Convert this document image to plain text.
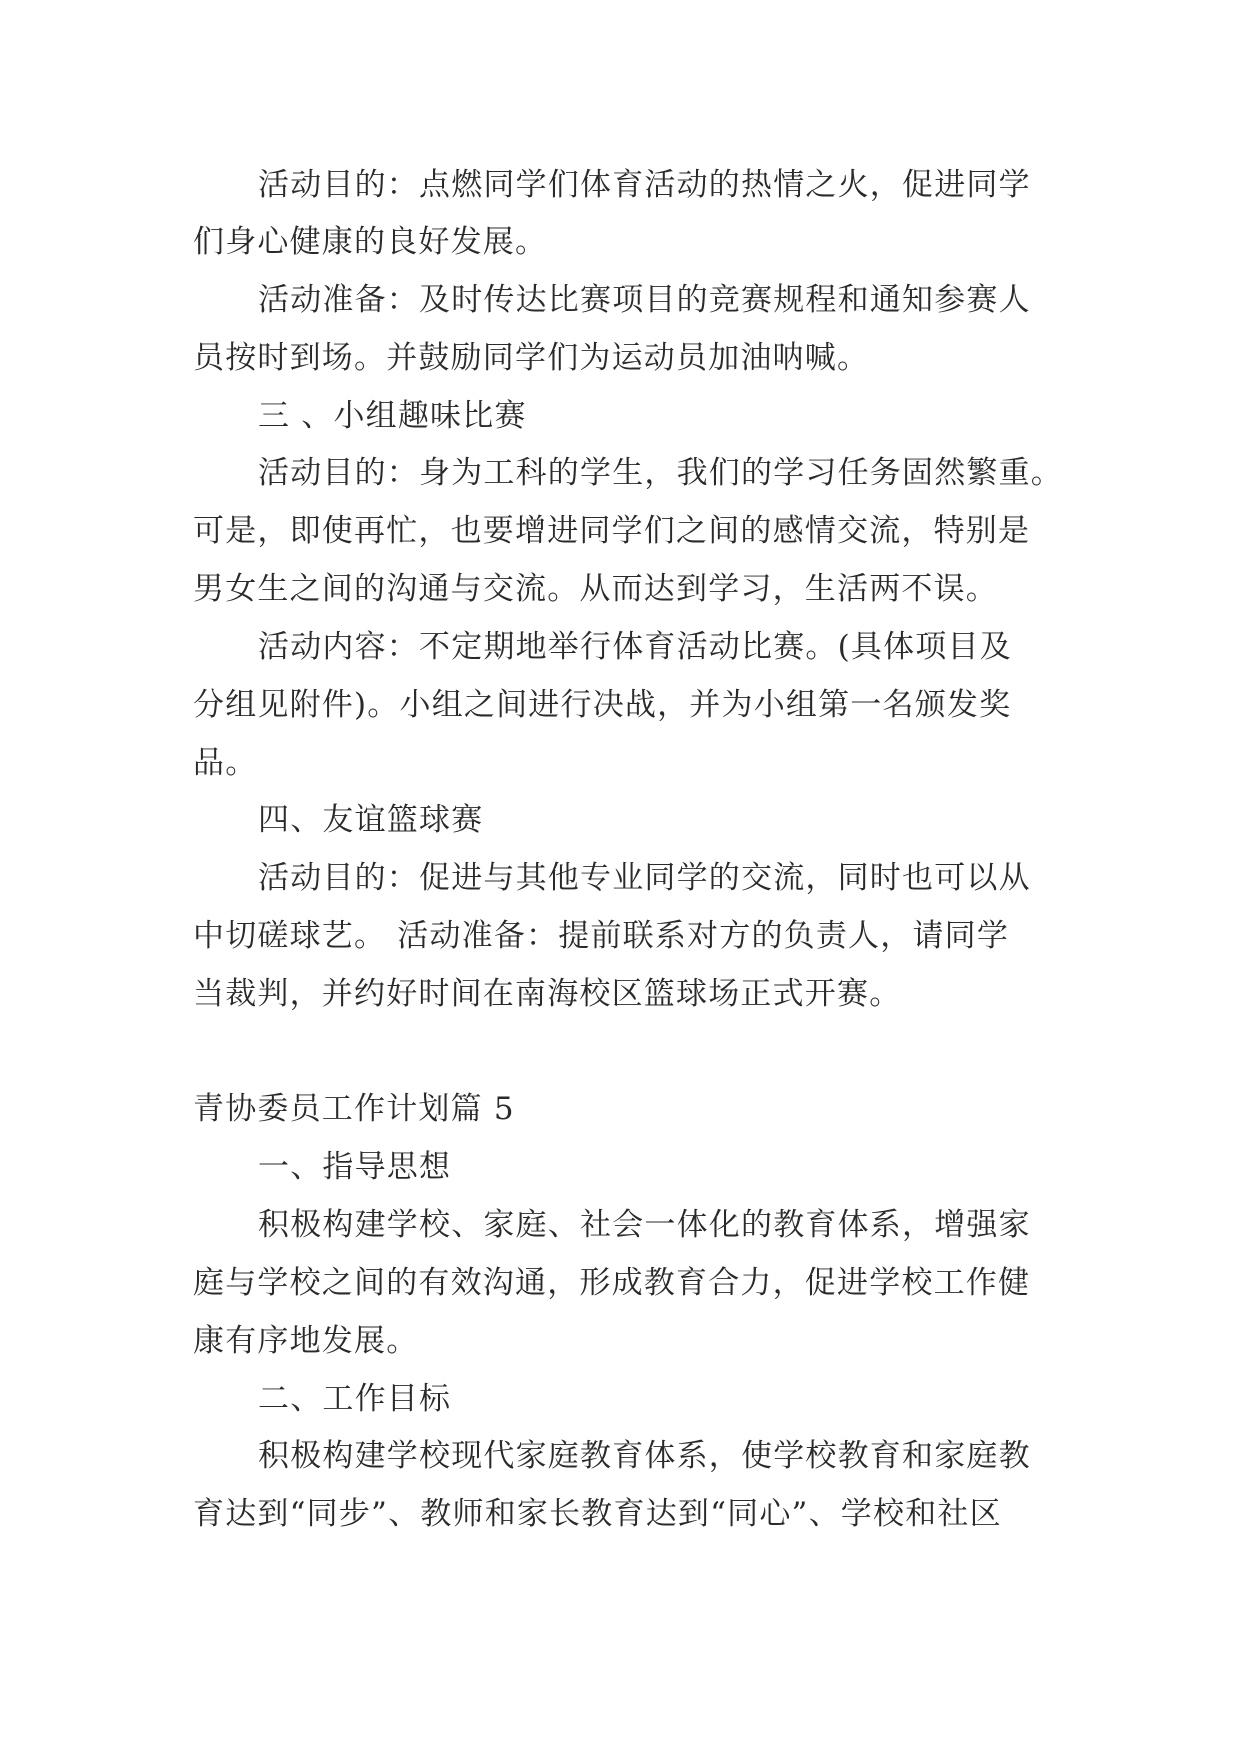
活动目的：点燃同学们体育活动的热情之火，促进同学
们身心健康的良好发展。
活动准备：及时传达比赛项目的竞赛规程和通知参赛人
员按时到场。并鼓励同学们为运动员加油呐喊。
三 、小组趣味比赛
活动目的：身为工科的学生，我们的学习任务固然繁重。
可是，即使再忙，也要增进同学们之间的感情交流，特别是
男女生之间的沟通与交流。从而达到学习，生活两不误。
活动内容：不定期地举行体育活动比赛。(具体项目及
分组见附件)。小组之间进行决战，并为小组第一名颁发奖
品。
四、友谊篮球赛
活动目的：促进与其他专业同学的交流，同时也可以从
中切磋球艺。 活动准备：提前联系对方的负责人，请同学
当裁判，并约好时间在南海校区篮球场正式开赛。
青协委员工作计划篇 5
一、指导思想
积极构建学校、家庭、社会一体化的教育体系，增强家
庭与学校之间的有效沟通，形成教育合力，促进学校工作健
康有序地发展。
二、工作目标
积极构建学校现代家庭教育体系，使学校教育和家庭教
育达到“同步”、教师和家长教育达到“同心”、学校和社区
